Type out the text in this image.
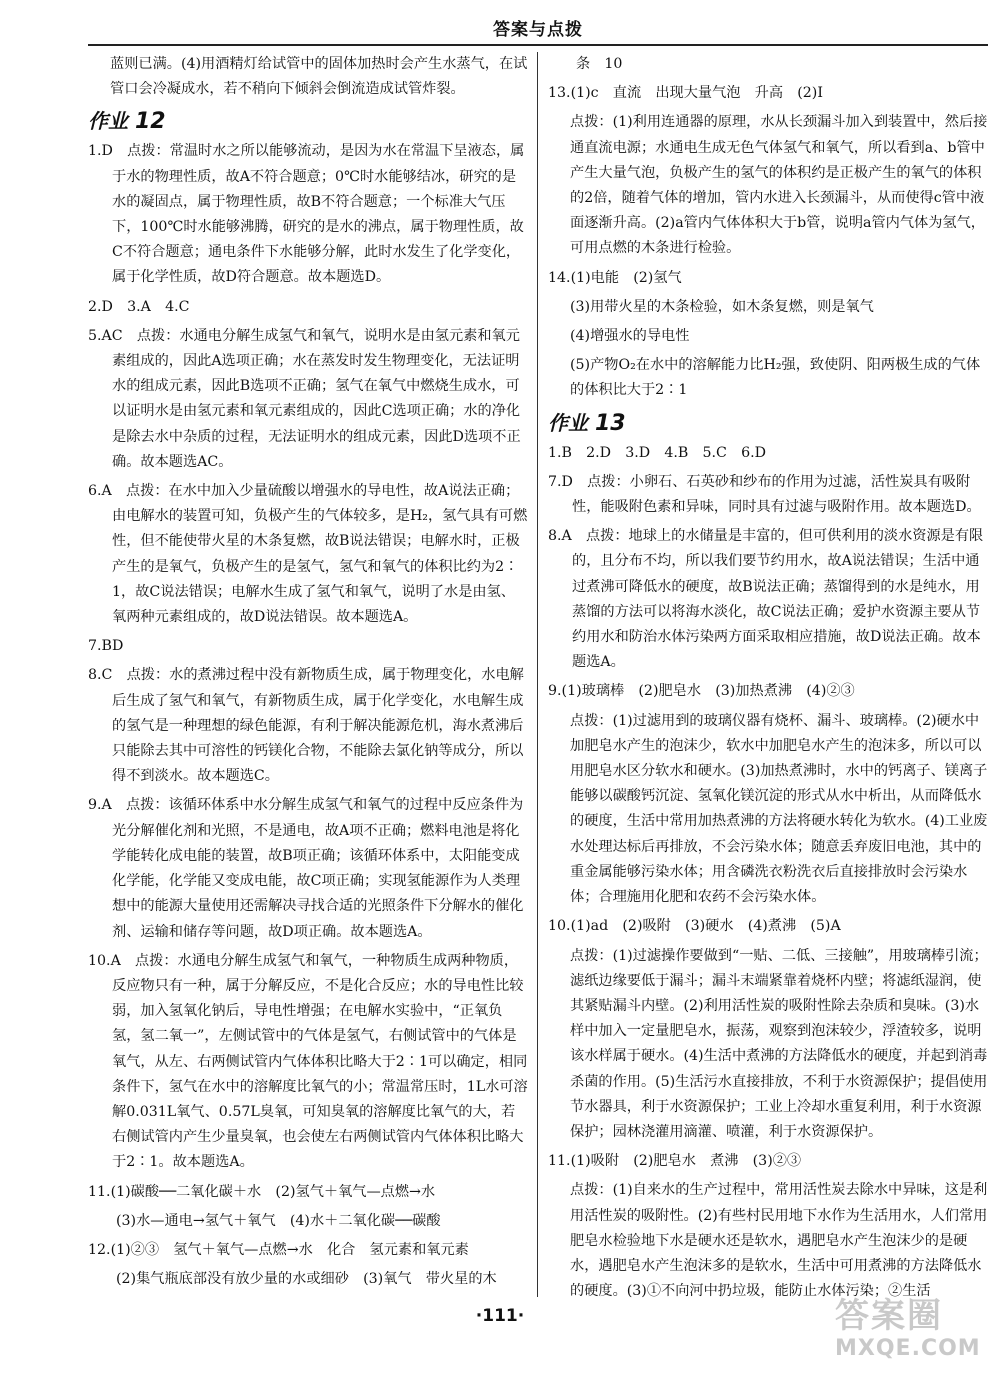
答案与点拨
蓝则已满。(4)用酒精灯给试管中的固体加热时会产生水蒸气，在试管口会冷凝成水，若不稍向下倾斜会倒流造成试管炸裂。
作业 12
1.D　点拨：常温时水之所以能够流动，是因为水在常温下呈液态，属于水的物理性质，故A不符合题意；0℃时水能够结冰，研究的是水的凝固点，属于物理性质，故B不符合题意；一个标准大气压下，100℃时水能够沸腾，研究的是水的沸点，属于物理性质，故C不符合题意；通电条件下水能够分解，此时水发生了化学变化，属于化学性质，故D符合题意。故本题选D。
2.D　3.A　4.C
5.AC　点拨：水通电分解生成氢气和氧气，说明水是由氢元素和氧元素组成的，因此A选项正确；水在蒸发时发生物理变化，无法证明水的组成元素，因此B选项不正确；氢气在氧气中燃烧生成水，可以证明水是由氢元素和氧元素组成的，因此C选项正确；水的净化是除去水中杂质的过程，无法证明水的组成元素，因此D选项不正确。故本题选AC。
6.A　点拨：在水中加入少量硫酸以增强水的导电性，故A说法正确；由电解水的装置可知，负极产生的气体较多，是H₂，氢气具有可燃性，但不能使带火星的木条复燃，故B说法错误；电解水时，正极产生的是氧气，负极产生的是氢气，氢气和氧气的体积比约为2∶1，故C说法错误；电解水生成了氢气和氧气，说明了水是由氢、氧两种元素组成的，故D说法错误。故本题选A。
7.BD
8.C　点拨：水的煮沸过程中没有新物质生成，属于物理变化，水电解后生成了氢气和氧气，有新物质生成，属于化学变化，水电解生成的氢气是一种理想的绿色能源，有利于解决能源危机，海水煮沸后只能除去其中可溶性的钙镁化合物，不能除去氯化钠等成分，所以得不到淡水。故本题选C。
9.A　点拨：该循环体系中水分解生成氢气和氧气的过程中反应条件为光分解催化剂和光照，不是通电，故A项不正确；燃料电池是将化学能转化成电能的装置，故B项正确；该循环体系中，太阳能变成化学能，化学能又变成电能，故C项正确；实现氢能源作为人类理想中的能源大量使用还需解决寻找合适的光照条件下分解水的催化剂、运输和储存等问题，故D项正确。故本题选A。
10.A　点拨：水通电分解生成氢气和氧气，一种物质生成两种物质，反应物只有一种，属于分解反应，不是化合反应；水的导电性比较弱，加入氢氧化钠后，导电性增强；在电解水实验中，“正氧负氢，氢二氧一”，左侧试管中的气体是氢气，右侧试管中的气体是氧气，从左、右两侧试管内气体体积比略大于2∶1可以确定，相同条件下，氢气在水中的溶解度比氧气的小；常温常压时，1L水可溶解0.031L氧气、0.57L臭氧，可知臭氧的溶解度比氧气的大，若右侧试管内产生少量臭氧，也会使左右两侧试管内气体体积比略大于2∶1。故本题选A。
11.(1)碳酸──二氧化碳＋水　(2)氢气＋氧气—点燃→水
(3)水—通电→氢气＋氧气　(4)水＋二氧化碳──碳酸
12.(1)②③　氢气＋氧气—点燃→水　化合　氢元素和氧元素
(2)集气瓶底部没有放少量的水或细砂　(3)氧气　带火星的木
条　10
13.(1)c　直流　出现大量气泡　升高　(2)Ⅰ
点拨：(1)利用连通器的原理，水从长颈漏斗加入到装置中，然后接通直流电源；水通电生成无色气体氢气和氧气，所以看到a、b管中产生大量气泡，负极产生的氢气的体积约是正极产生的氧气的体积的2倍，随着气体的增加，管内水进入长颈漏斗，从而使得c管中液面逐渐升高。(2)a管内气体体积大于b管，说明a管内气体为氢气，可用点燃的木条进行检验。
14.(1)电能　(2)氢气
(3)用带火星的木条检验，如木条复燃，则是氧气
(4)增强水的导电性
(5)产物O₂在水中的溶解能力比H₂强，致使阴、阳两极生成的气体的体积比大于2∶1
作业 13
1.B　2.D　3.D　4.B　5.C　6.D
7.D　点拨：小卵石、石英砂和纱布的作用为过滤，活性炭具有吸附性，能吸附色素和异味，同时具有过滤与吸附作用。故本题选D。
8.A　点拨：地球上的水储量是丰富的，但可供利用的淡水资源是有限的，且分布不均，所以我们要节约用水，故A说法错误；生活中通过煮沸可降低水的硬度，故B说法正确；蒸馏得到的水是纯水，用蒸馏的方法可以将海水淡化，故C说法正确；爱护水资源主要从节约用水和防治水体污染两方面采取相应措施，故D说法正确。故本题选A。
9.(1)玻璃棒　(2)肥皂水　(3)加热煮沸　(4)②③
点拨：(1)过滤用到的玻璃仪器有烧杯、漏斗、玻璃棒。(2)硬水中加肥皂水产生的泡沫少，软水中加肥皂水产生的泡沫多，所以可以用肥皂水区分软水和硬水。(3)加热煮沸时，水中的钙离子、镁离子能够以碳酸钙沉淀、氢氧化镁沉淀的形式从水中析出，从而降低水的硬度，生活中常用加热煮沸的方法将硬水转化为软水。(4)工业废水处理达标后再排放，不会污染水体；随意丢弃废旧电池，其中的重金属能够污染水体；用含磷洗衣粉洗衣后直接排放时会污染水体；合理施用化肥和农药不会污染水体。
10.(1)ad　(2)吸附　(3)硬水　(4)煮沸　(5)A
点拨：(1)过滤操作要做到“一贴、二低、三接触”，用玻璃棒引流；滤纸边缘要低于漏斗；漏斗末端紧靠着烧杯内壁；将滤纸湿润，使其紧贴漏斗内壁。(2)利用活性炭的吸附性除去杂质和臭味。(3)水样中加入一定量肥皂水，振荡，观察到泡沫较少，浮渣较多，说明该水样属于硬水。(4)生活中煮沸的方法降低水的硬度，并起到消毒杀菌的作用。(5)生活污水直接排放，不利于水资源保护；提倡使用节水器具，利于水资源保护；工业上冷却水重复利用，利于水资源保护；园林浇灌用滴灌、喷灌，利于水资源保护。
11.(1)吸附　(2)肥皂水　煮沸　(3)②③
点拨：(1)自来水的生产过程中，常用活性炭去除水中异味，这是利用活性炭的吸附性。(2)有些村民用地下水作为生活用水，人们常用肥皂水检验地下水是硬水还是软水，遇肥皂水产生泡沫少的是硬水，遇肥皂水产生泡沫多的是软水，生活中可用煮沸的方法降低水的硬度。(3)①不向河中扔垃圾，能防止水体污染；②生活
·111·	答案圈
MXQE.COM
